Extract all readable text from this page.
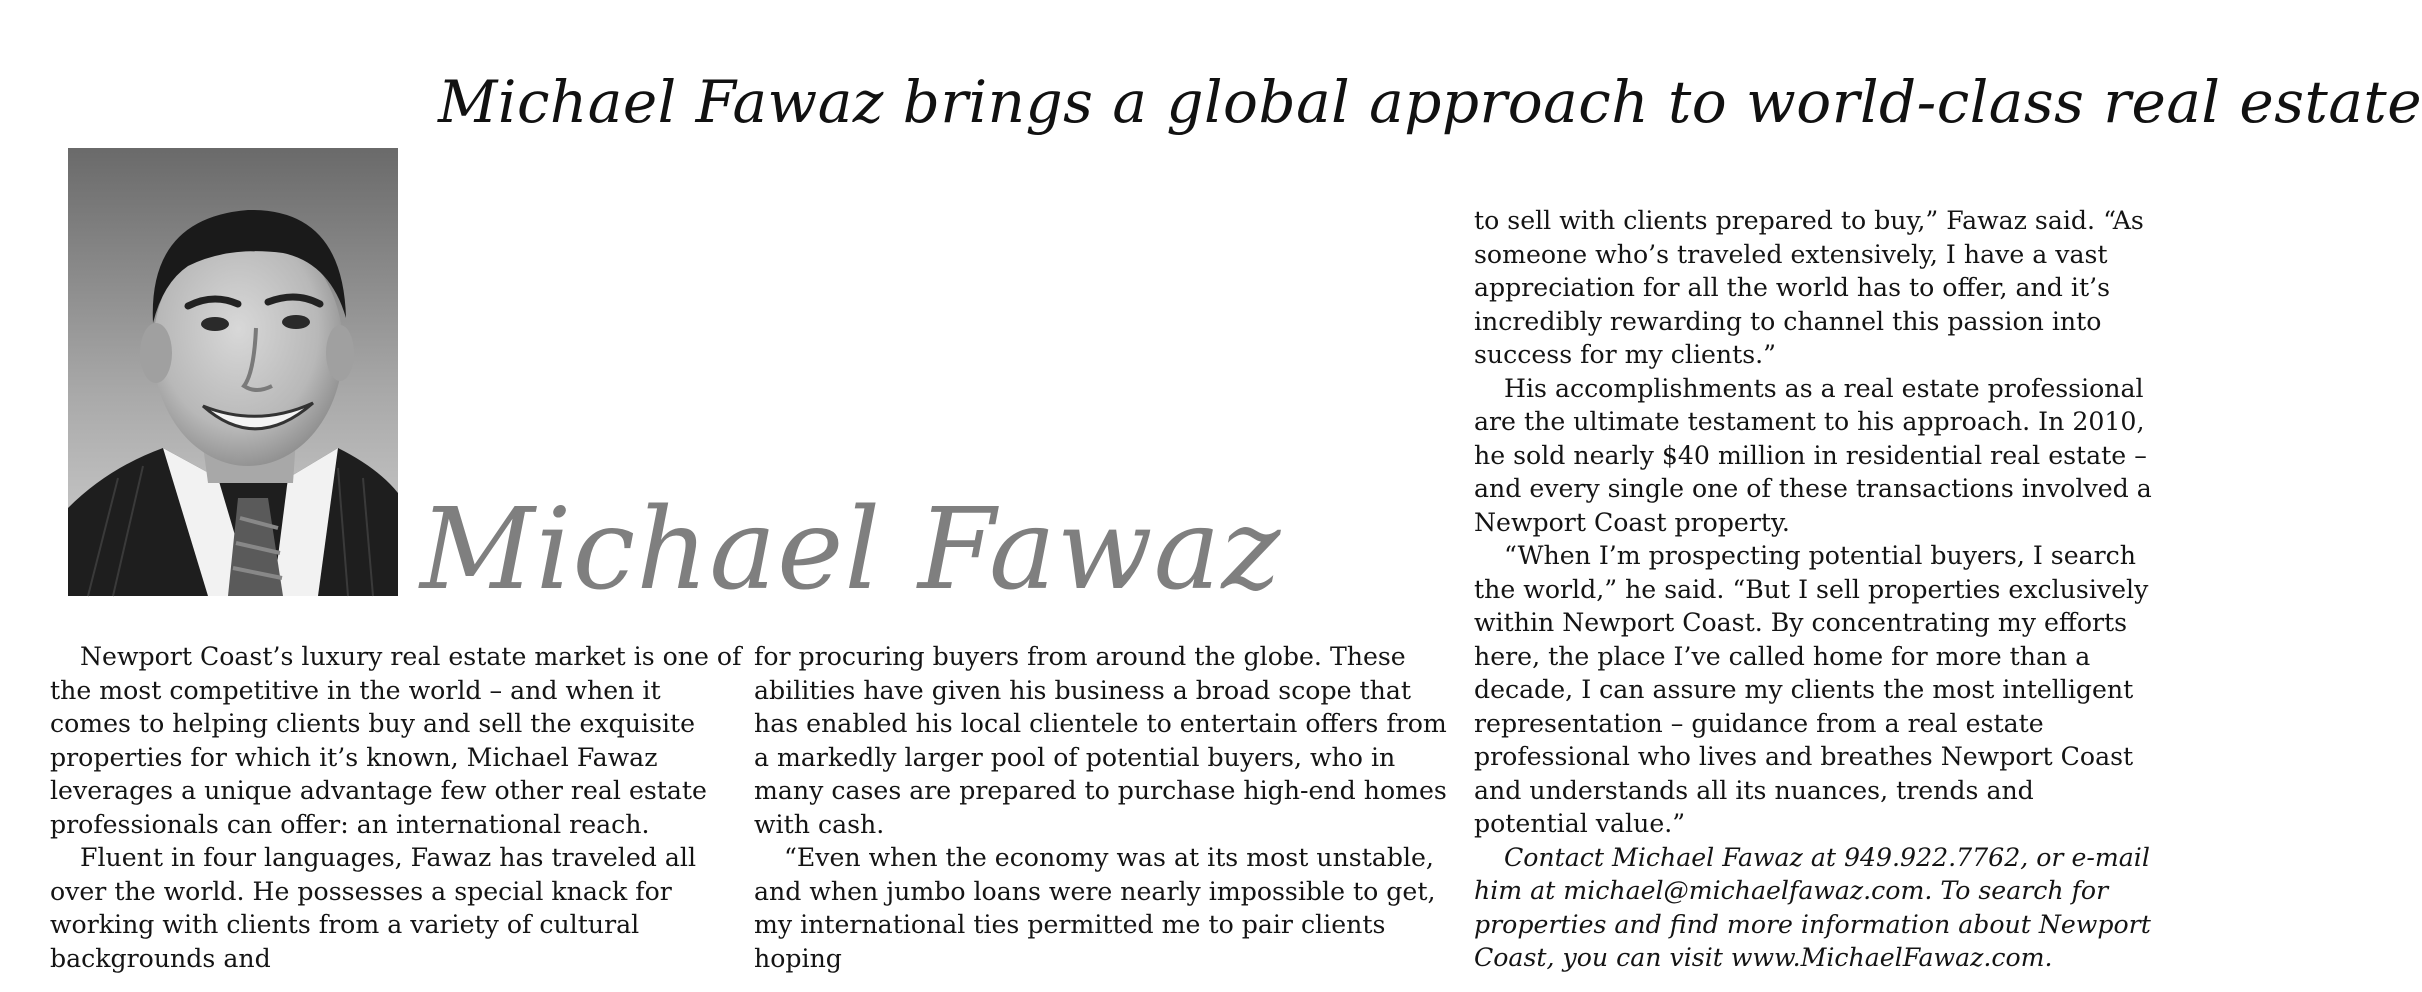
Michael Fawaz brings a global approach to world-class real estate
Michael Fawaz

Newport Coast’s luxury real estate market is one of the most competitive in the world – and when it comes to helping clients buy and sell the exquisite properties for which it’s known, Michael Fawaz leverages a unique advantage few other real estate professionals can offer: an international reach.

Fluent in four languages, Fawaz has traveled all over the world. He possesses a special knack for working with clients from a variety of cultural backgrounds and

for procuring buyers from around the globe. These abilities have given his business a broad scope that has enabled his local clientele to entertain offers from a markedly larger pool of potential buyers, who in many cases are prepared to purchase high-end homes with cash.

“Even when the economy was at its most unstable, and when jumbo loans were nearly impossible to get, my international ties permitted me to pair clients hoping

to sell with clients prepared to buy,” Fawaz said. “As someone who’s traveled extensively, I have a vast appreciation for all the world has to offer, and it’s incredibly rewarding to channel this passion into success for my clients.”

His accomplishments as a real estate professional are the ultimate testament to his approach. In 2010, he sold nearly $40 million in residential real estate – and every single one of these transactions involved a Newport Coast property.

“When I’m prospecting potential buyers, I search the world,” he said. “But I sell properties exclusively within Newport Coast. By concentrating my efforts here, the place I’ve called home for more than a decade, I can assure my clients the most intelligent representation – guidance from a real estate professional who lives and breathes Newport Coast and understands all its nuances, trends and potential value.”

Contact Michael Fawaz at 949.922.7762, or e-mail him at michael@michaelfawaz.com. To search for properties and find more information about Newport Coast, you can visit www.MichaelFawaz.com.
